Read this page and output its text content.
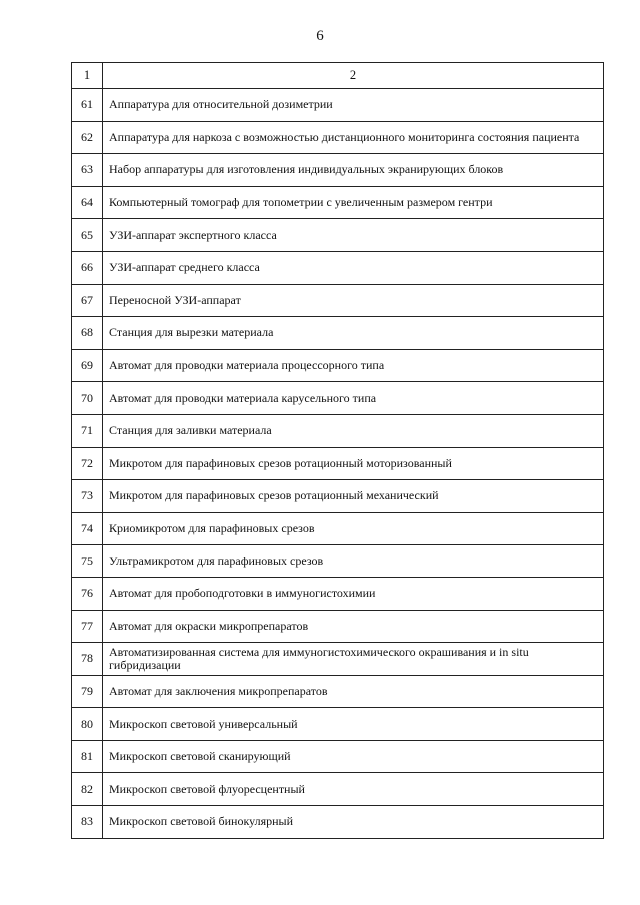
6
1	2
61	Аппаратура для относительной дозиметрии
62	Аппаратура для наркоза с возможностью дистанционного мониторинга состояния пациента
63	Набор аппаратуры для изготовления индивидуальных экранирующих блоков
64	Компьютерный томограф для топометрии с увеличенным размером гентри
65	УЗИ-аппарат экспертного класса
66	УЗИ-аппарат среднего класса
67	Переносной УЗИ-аппарат
68	Станция для вырезки материала
69	Автомат для проводки материала процессорного типа
70	Автомат для проводки материала карусельного типа
71	Станция для заливки материала
72	Микротом для парафиновых срезов ротационный моторизованный
73	Микротом для парафиновых срезов ротационный механический
74	Криомикротом для парафиновых срезов
75	Ультрамикротом для парафиновых срезов
76	Автомат для пробоподготовки в иммуногистохимии
77	Автомат для окраски микропрепаратов
78	Автоматизированная система для иммуногистохимического окрашивания и in situ гибридизации
79	Автомат для заключения микропрепаратов
80	Микроскоп световой универсальный
81	Микроскоп световой сканирующий
82	Микроскоп световой флуоресцентный
83	Микроскоп световой бинокулярный
